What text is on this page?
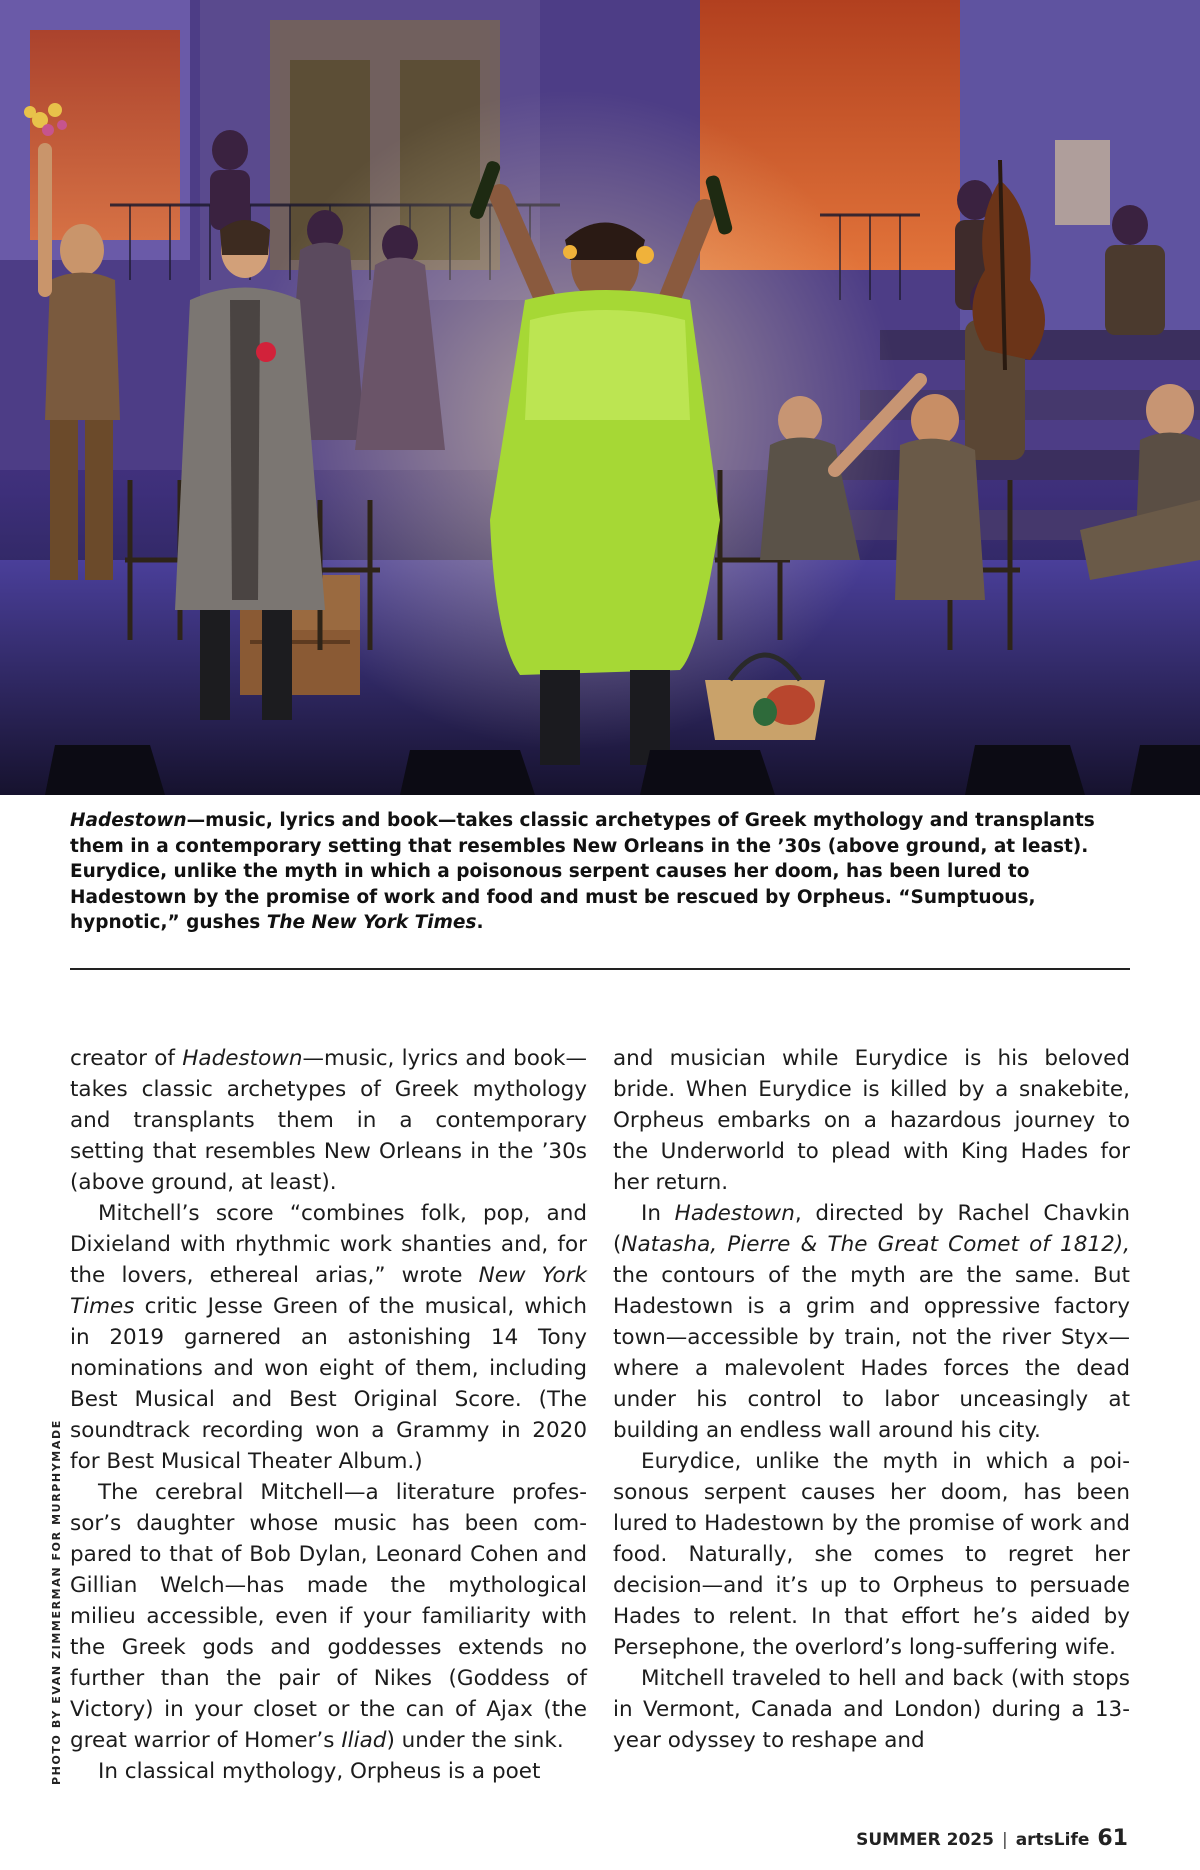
Hadestown—music, lyrics and book—takes classic archetypes of Greek mythology and transplants them in a contemporary setting that resembles New Orleans in the ’30s (above ground, at least). Eurydice, unlike the myth in which a poisonous serpent causes her doom, has been lured to Hadestown by the promise of work and food and must be rescued by Orpheus. “Sumptuous, hypnotic,” gushes The New York Times.
PHOTO BY EVAN ZIMMERMAN FOR MURPHYMADE

creator of Hadestown—music, lyrics and book—takes classic archetypes of Greek mythology and transplants them in a contemporary setting that resembles New Orleans in the ’30s (above ground, at least).

Mitchell’s score “combines folk, pop, and Dixieland with rhythmic work shanties and, for the lovers, ethereal arias,” wrote New York Times critic Jesse Green of the musical, which in 2019 garnered an astonishing 14 Tony nominations and won eight of them, including Best Musical and Best Original Score. (The soundtrack recording won a Grammy in 2020 for Best Musical Theater Album.)

The cerebral Mitchell—a literature professor’s daughter whose music has been compared to that of Bob Dylan, Leonard Cohen and Gillian Welch—has made the mythological milieu accessible, even if your familiarity with the Greek gods and goddesses extends no further than the pair of Nikes (Goddess of Victory) in your closet or the can of Ajax (the great warrior of Homer’s Iliad) under the sink.

In classical mythology, Orpheus is a poet

and musician while Eurydice is his beloved bride. When Eurydice is killed by a snakebite, Orpheus embarks on a hazardous journey to the Underworld to plead with King Hades for her return.

In Hadestown, directed by Rachel Chavkin (Natasha, Pierre & The Great Comet of 1812), the contours of the myth are the same. But Hadestown is a grim and oppressive factory town—accessible by train, not the river Styx—where a malevolent Hades forces the dead under his control to labor unceasingly at building an endless wall around his city.

Eurydice, unlike the myth in which a poisonous serpent causes her doom, has been lured to Hadestown by the promise of work and food. Naturally, she comes to regret her decision—and it’s up to Orpheus to persuade Hades to relent. In that effort he’s aided by Persephone, the overlord’s long-suffering wife.

Mitchell traveled to hell and back (with stops in Vermont, Canada and London) during a 13-year odyssey to reshape and

SUMMER 2025 | artsLife 61
